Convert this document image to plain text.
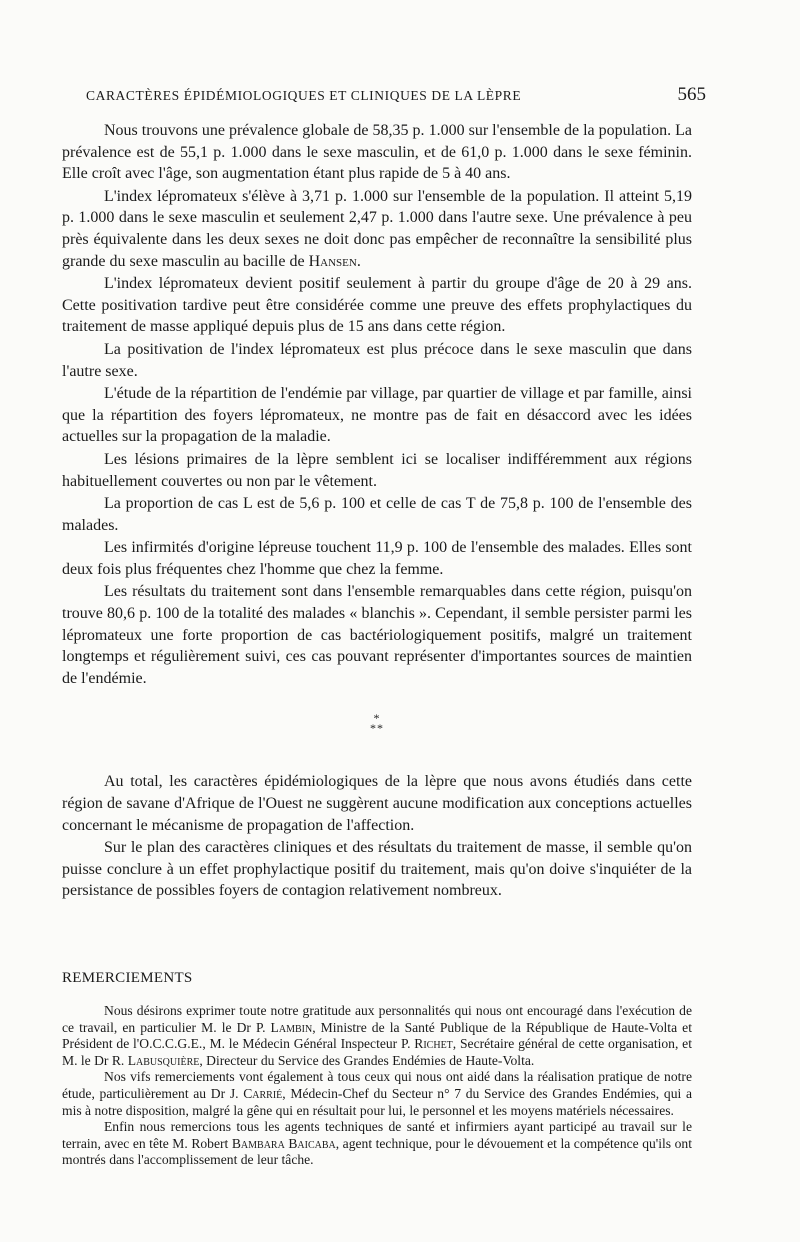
CARACTÈRES ÉPIDÉMIOLOGIQUES ET CLINIQUES DE LA LÈPRE	565

Nous trouvons une prévalence globale de 58,35 p. 1.000 sur l'ensemble de la population. La prévalence est de 55,1 p. 1.000 dans le sexe masculin, et de 61,0 p. 1.000 dans le sexe féminin. Elle croît avec l'âge, son augmentation étant plus rapide de 5 à 40 ans.

L'index lépromateux s'élève à 3,71 p. 1.000 sur l'ensemble de la population. Il atteint 5,19 p. 1.000 dans le sexe masculin et seulement 2,47 p. 1.000 dans l'autre sexe. Une prévalence à peu près équivalente dans les deux sexes ne doit donc pas empêcher de reconnaître la sensibilité plus grande du sexe masculin au bacille de Hansen.

L'index lépromateux devient positif seulement à partir du groupe d'âge de 20 à 29 ans. Cette positivation tardive peut être considérée comme une preuve des effets prophylactiques du traitement de masse appliqué depuis plus de 15 ans dans cette région.

La positivation de l'index lépromateux est plus précoce dans le sexe masculin que dans l'autre sexe.

L'étude de la répartition de l'endémie par village, par quartier de village et par famille, ainsi que la répartition des foyers lépromateux, ne montre pas de fait en désaccord avec les idées actuelles sur la propagation de la maladie.

Les lésions primaires de la lèpre semblent ici se localiser indifféremment aux régions habituellement couvertes ou non par le vêtement.

La proportion de cas L est de 5,6 p. 100 et celle de cas T de 75,8 p. 100 de l'ensemble des malades.

Les infirmités d'origine lépreuse touchent 11,9 p. 100 de l'ensemble des malades. Elles sont deux fois plus fréquentes chez l'homme que chez la femme.

Les résultats du traitement sont dans l'ensemble remarquables dans cette région, puisqu'on trouve 80,6 p. 100 de la totalité des malades « blanchis ». Cependant, il semble persister parmi les lépromateux une forte proportion de cas bactériologiquement positifs, malgré un traitement longtemps et régulièrement suivi, ces cas pouvant représenter d'importantes sources de maintien de l'endémie.

*
**

Au total, les caractères épidémiologiques de la lèpre que nous avons étudiés dans cette région de savane d'Afrique de l'Ouest ne suggèrent aucune modification aux conceptions actuelles concernant le mécanisme de propagation de l'affection.

Sur le plan des caractères cliniques et des résultats du traitement de masse, il semble qu'on puisse conclure à un effet prophylactique positif du traitement, mais qu'on doive s'inquiéter de la persistance de possibles foyers de contagion relativement nombreux.

REMERCIEMENTS

Nous désirons exprimer toute notre gratitude aux personnalités qui nous ont encouragé dans l'exécution de ce travail, en particulier M. le Dr P. Lambin, Ministre de la Santé Publique de la République de Haute-Volta et Président de l'O.C.C.G.E., M. le Médecin Général Inspecteur P. Richet, Secrétaire général de cette organisation, et M. le Dr R. Labusquière, Directeur du Service des Grandes Endémies de Haute-Volta.

Nos vifs remerciements vont également à tous ceux qui nous ont aidé dans la réalisation pratique de notre étude, particulièrement au Dr J. Carrié, Médecin-Chef du Secteur n° 7 du Service des Grandes Endémies, qui a mis à notre disposition, malgré la gêne qui en résultait pour lui, le personnel et les moyens matériels nécessaires.

Enfin nous remercions tous les agents techniques de santé et infirmiers ayant participé au travail sur le terrain, avec en tête M. Robert Bambara Baicaba, agent technique, pour le dévouement et la compétence qu'ils ont montrés dans l'accomplissement de leur tâche.
